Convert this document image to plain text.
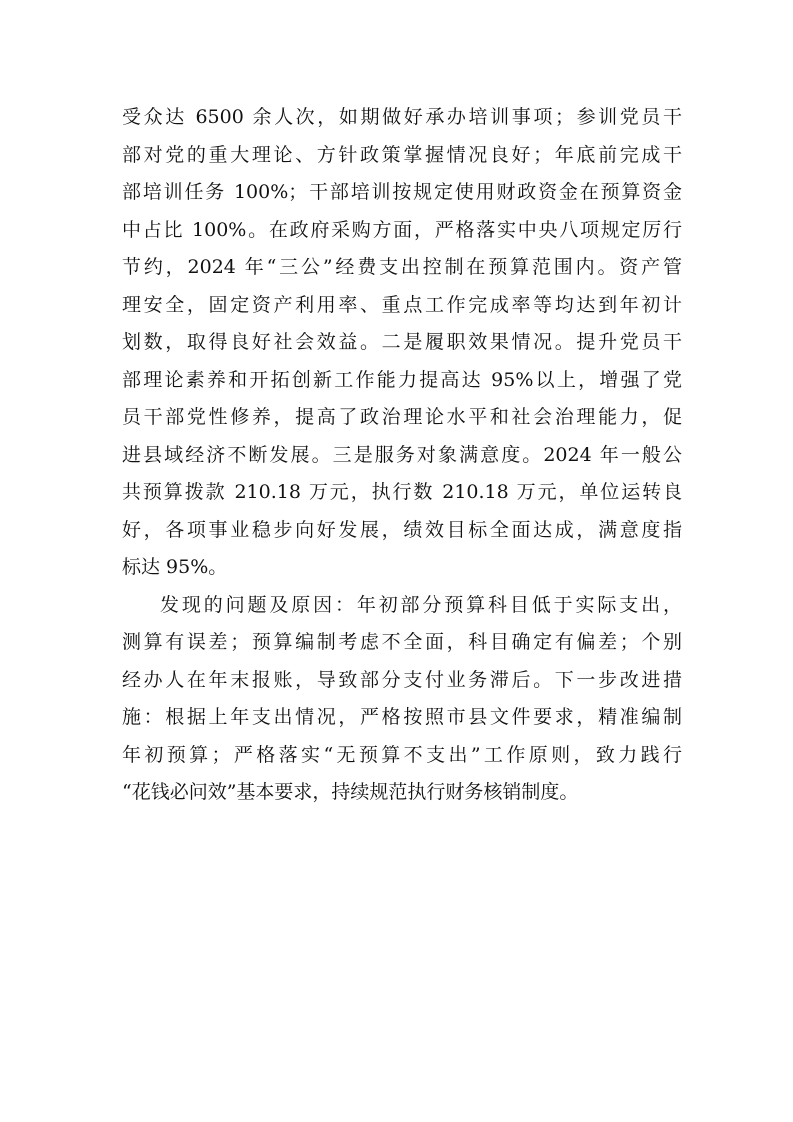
受众达 6500 余人次，如期做好承办培训事项；参训党员干
部对党的重大理论、方针政策掌握情况良好；年底前完成干
部培训任务 100%；干部培训按规定使用财政资金在预算资金
中占比 100%。在政府采购方面，严格落实中央八项规定厉行
节约，2024 年“三公”经费支出控制在预算范围内。资产管
理安全，固定资产利用率、重点工作完成率等均达到年初计
划数，取得良好社会效益。二是履职效果情况。提升党员干
部理论素养和开拓创新工作能力提高达 95%以上，增强了党
员干部党性修养，提高了政治理论水平和社会治理能力，促
进县域经济不断发展。三是服务对象满意度。2024 年一般公
共预算拨款 210.18 万元，执行数 210.18 万元，单位运转良
好，各项事业稳步向好发展，绩效目标全面达成，满意度指
标达 95%。
发现的问题及原因：年初部分预算科目低于实际支出，
测算有误差；预算编制考虑不全面，科目确定有偏差；个别
经办人在年末报账，导致部分支付业务滞后。下一步改进措
施：根据上年支出情况，严格按照市县文件要求，精准编制
年初预算；严格落实“无预算不支出”工作原则，致力践行
“花钱必问效”基本要求，持续规范执行财务核销制度。
